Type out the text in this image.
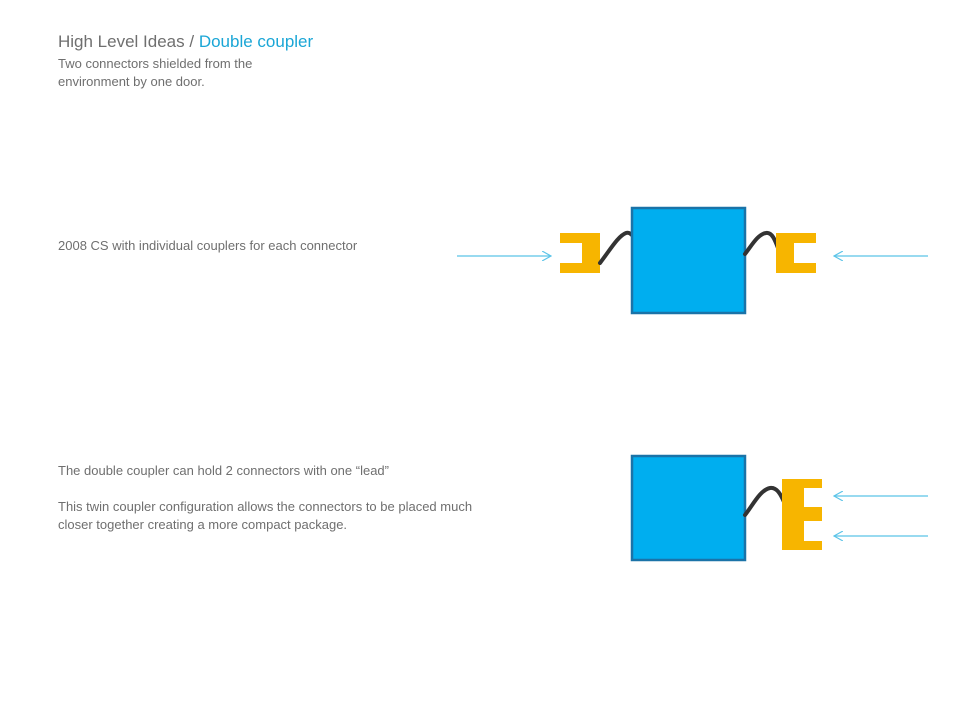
High Level Ideas / Double coupler
Two connectors shielded from the environment by one door.
2008 CS with individual couplers for each connector

The double coupler can hold 2 connectors with one “lead”

This twin coupler configuration allows the connectors to be placed much closer together creating a more compact package.
